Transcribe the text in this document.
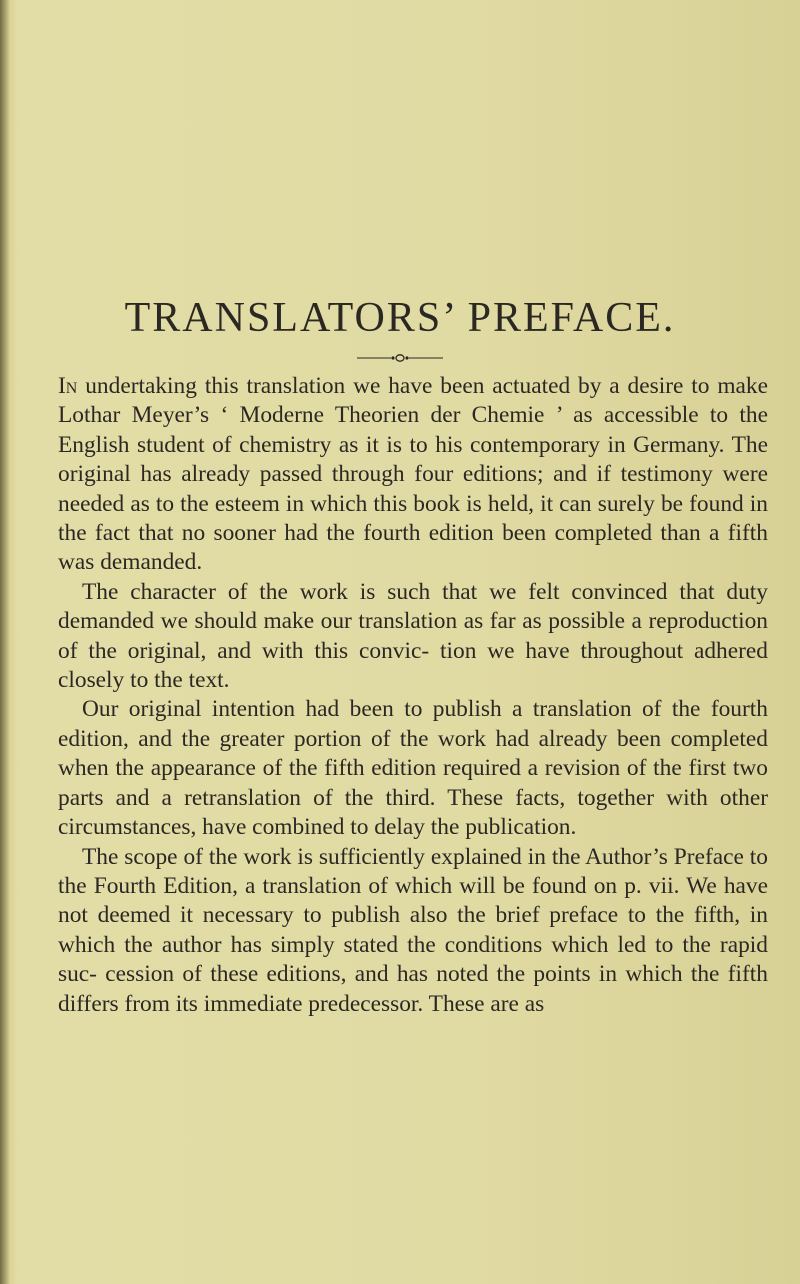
TRANSLATORS’ PREFACE.

In undertaking this translation we have been actuated by a desire to make Lothar Meyer’s ‘ Moderne Theorien der Chemie ’ as accessible to the English student of chemistry as it is to his contemporary in Germany. The original has already passed through four editions; and if testimony were needed as to the esteem in which this book is held, it can surely be found in the fact that no sooner had the fourth edition been completed than a fifth was demanded.

The character of the work is such that we felt convinced that duty demanded we should make our translation as far as possible a reproduction of the original, and with this convic- tion we have throughout adhered closely to the text.

Our original intention had been to publish a translation of the fourth edition, and the greater portion of the work had already been completed when the appearance of the fifth edition required a revision of the first two parts and a retranslation of the third. These facts, together with other circumstances, have combined to delay the publication.

The scope of the work is sufficiently explained in the Author’s Preface to the Fourth Edition, a translation of which will be found on p. vii. We have not deemed it necessary to publish also the brief preface to the fifth, in which the author has simply stated the conditions which led to the rapid suc- cession of these editions, and has noted the points in which the fifth differs from its immediate predecessor. These are as
